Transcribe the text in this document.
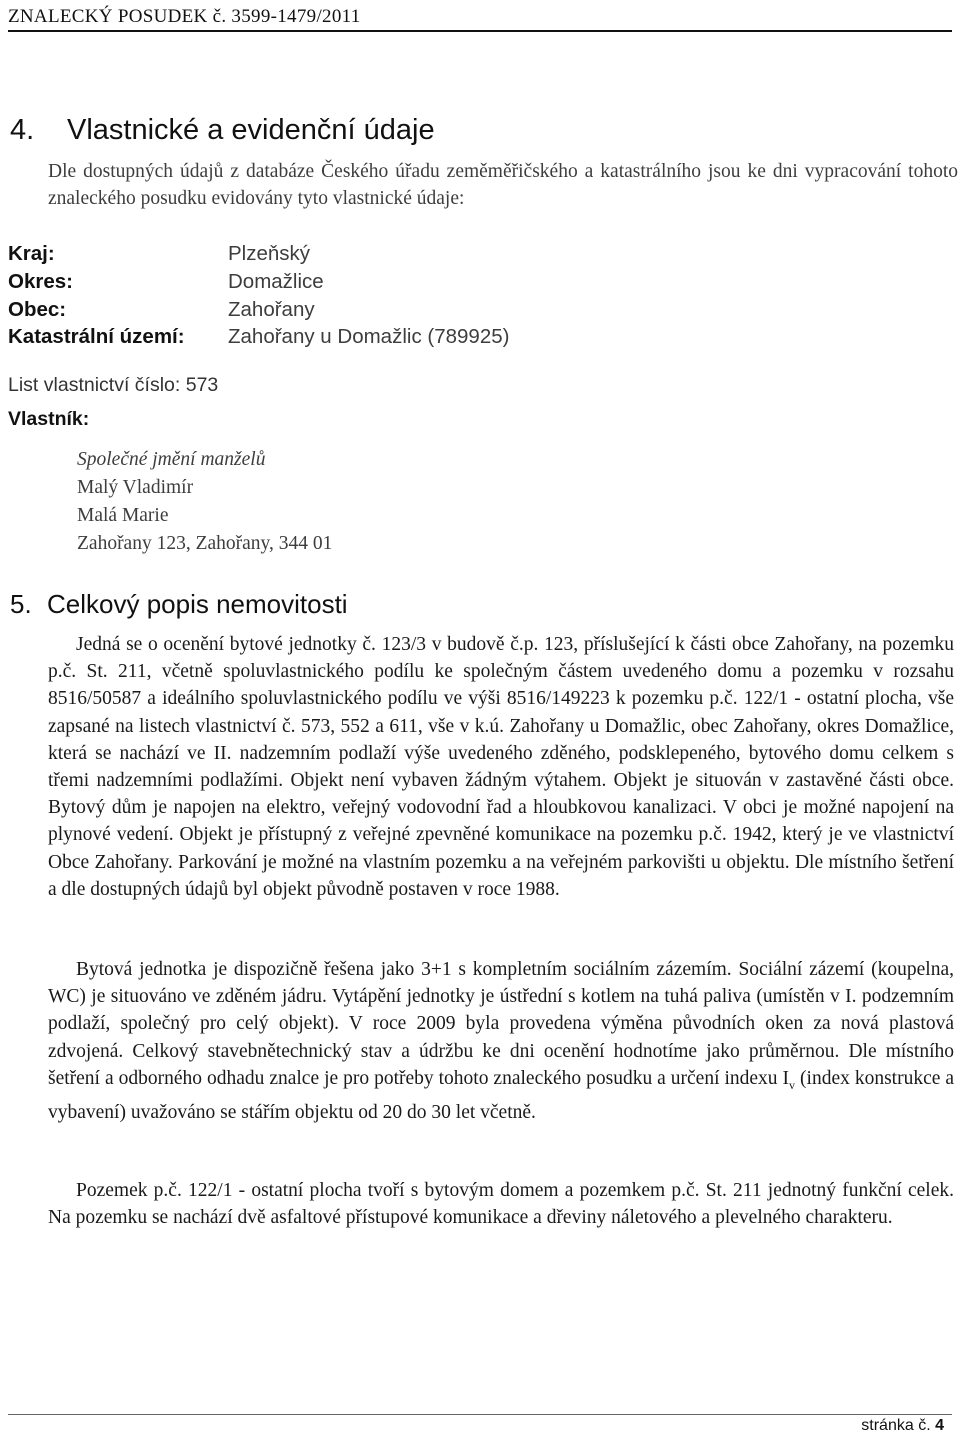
ZNALECKÝ POSUDEK č. 3599-1479/2011
4. Vlastnické a evidenční údaje
Dle dostupných údajů z databáze Českého úřadu zeměměřičského a katastrálního jsou ke dni vypracování tohoto znaleckého posudku evidovány tyto vlastnické údaje:
Kraj:	Plzeňský
Okres:	Domažlice
Obec:	Zahořany
Katastrální území: Zahořany u Domažlic (789925)
List vlastnictví číslo: 573
Vlastník:
Společné jmění manželů
Malý Vladimír
Malá Marie
Zahořany 123, Zahořany, 344 01
5. Celkový popis nemovitosti
Jedná se o ocenění bytové jednotky č. 123/3 v budově č.p. 123, příslušející k části obce Zahořany, na pozemku p.č. St. 211, včetně spoluvlastnického podílu ke společným částem uvedeného domu a pozemku v rozsahu 8516/50587 a ideálního spoluvlastnického podílu ve výši 8516/149223 k pozemku p.č. 122/1 - ostatní plocha, vše zapsané na listech vlastnictví č. 573, 552 a 611, vše v k.ú. Zahořany u Domažlic, obec Zahořany, okres Domažlice, která se nachází ve II. nadzemním podlaží výše uvedeného zděného, podsklepeného, bytového domu celkem s třemi nadzemními podlažími. Objekt není vybaven žádným výtahem. Objekt je situován v zastavěné části obce. Bytový dům je napojen na elektro, veřejný vodovodní řad a hloubkovou kanalizaci. V obci je možné napojení na plynové vedení. Objekt je přístupný z veřejné zpevněné komunikace na pozemku p.č. 1942, který je ve vlastnictví Obce Zahořany. Parkování je možné na vlastním pozemku a na veřejném parkovišti u objektu. Dle místního šetření a dle dostupných údajů byl objekt původně postaven v roce 1988.
Bytová jednotka je dispozičně řešena jako 3+1 s kompletním sociálním zázemím. Sociální zázemí (koupelna, WC) je situováno ve zděném jádru. Vytápění jednotky je ústřední s kotlem na tuhá paliva (umístěn v I. podzemním podlaží, společný pro celý objekt). V roce 2009 byla provedena výměna původních oken za nová plastová zdvojená. Celkový stavebnětechnický stav a údržbu ke dni ocenění hodnotíme jako průměrnou. Dle místního šetření a odborného odhadu znalce je pro potřeby tohoto znaleckého posudku a určení indexu $I_v$ (index konstrukce a vybavení) uvažováno se stářím objektu od 20 do 30 let včetně.
Pozemek p.č. 122/1 - ostatní plocha tvoří s bytovým domem a pozemkem p.č. St. 211 jednotný funkční celek. Na pozemku se nachází dvě asfaltové přístupové komunikace a dřeviny náletového a plevelného charakteru.
stránka č. 4
